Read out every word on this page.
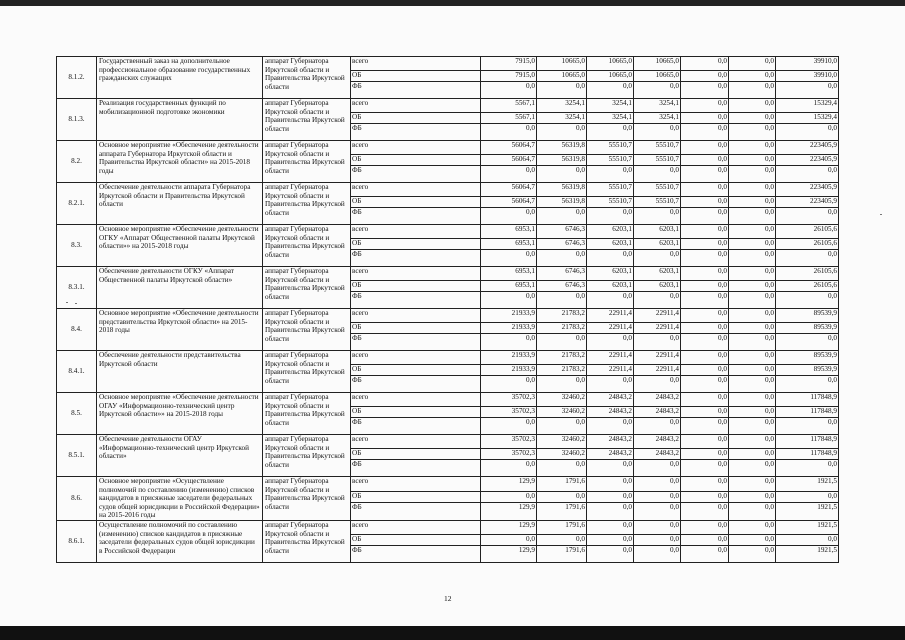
8.1.2.	Государственный заказ на дополнительное профессиональное образование государственных гражданских служащих	аппарат Губернатора Иркутской области и Правительства Иркутской области	всего	7915,0	10665,0	10665,0	10665,0	0,0	0,0	39910,0
			ОБ	7915,0	10665,0	10665,0	10665,0	0,0	0,0	39910,0
			ФБ	0,0	0,0	0,0	0,0	0,0	0,0	0,0
8.1.3.	Реализация государственных функций по мобилизационной подготовке экономики	аппарат Губернатора Иркутской области и Правительства Иркутской области	всего	5567,1	3254,1	3254,1	3254,1	0,0	0,0	15329,4
			ОБ	5567,1	3254,1	3254,1	3254,1	0,0	0,0	15329,4
			ФБ	0,0	0,0	0,0	0,0	0,0	0,0	0,0
8.2.	Основное мероприятие «Обеспечение деятельности аппарата Губернатора Иркутской области и Правительства Иркутской области» на 2015-2018 годы	аппарат Губернатора Иркутской области и Правительства Иркутской области	всего	56064,7	56319,8	55510,7	55510,7	0,0	0,0	223405,9
			ОБ	56064,7	56319,8	55510,7	55510,7	0,0	0,0	223405,9
			ФБ	0,0	0,0	0,0	0,0	0,0	0,0	0,0
8.2.1.	Обеспечение деятельности аппарата Губернатора Иркутской области и Правительства Иркутской области	аппарат Губернатора Иркутской области и Правительства Иркутской области	всего	56064,7	56319,8	55510,7	55510,7	0,0	0,0	223405,9
			ОБ	56064,7	56319,8	55510,7	55510,7	0,0	0,0	223405,9
			ФБ	0,0	0,0	0,0	0,0	0,0	0,0	0,0
8.3.	Основное мероприятие «Обеспечение деятельности ОГКУ «Аппарат Общественной палаты Иркутской области»» на 2015-2018 годы	аппарат Губернатора Иркутской области и Правительства Иркутской области	всего	6953,1	6746,3	6203,1	6203,1	0,0	0,0	26105,6
			ОБ	6953,1	6746,3	6203,1	6203,1	0,0	0,0	26105,6
			ФБ	0,0	0,0	0,0	0,0	0,0	0,0	0,0
8.3.1.	Обеспечение деятельности ОГКУ «Аппарат Общественной палаты Иркутской области»	аппарат Губернатора Иркутской области и Правительства Иркутской области	всего	6953,1	6746,3	6203,1	6203,1	0,0	0,0	26105,6
			ОБ	6953,1	6746,3	6203,1	6203,1	0,0	0,0	26105,6
			ФБ	0,0	0,0	0,0	0,0	0,0	0,0	0,0
8.4.	Основное мероприятие «Обеспечение деятельности представительства Иркутской области» на 2015-2018 годы	аппарат Губернатора Иркутской области и Правительства Иркутской области	всего	21933,9	21783,2	22911,4	22911,4	0,0	0,0	89539,9
			ОБ	21933,9	21783,2	22911,4	22911,4	0,0	0,0	89539,9
			ФБ	0,0	0,0	0,0	0,0	0,0	0,0	0,0
8.4.1.	Обеспечение деятельности представительства Иркутской области	аппарат Губернатора Иркутской области и Правительства Иркутской области	всего	21933,9	21783,2	22911,4	22911,4	0,0	0,0	89539,9
			ОБ	21933,9	21783,2	22911,4	22911,4	0,0	0,0	89539,9
			ФБ	0,0	0,0	0,0	0,0	0,0	0,0	0,0
8.5.	Основное мероприятие «Обеспечение деятельности ОГАУ «Информационно-технический центр Иркутской области»» на 2015-2018 годы	аппарат Губернатора Иркутской области и Правительства Иркутской области	всего	35702,3	32460,2	24843,2	24843,2	0,0	0,0	117848,9
			ОБ	35702,3	32460,2	24843,2	24843,2	0,0	0,0	117848,9
			ФБ	0,0	0,0	0,0	0,0	0,0	0,0	0,0
8.5.1.	Обеспечение деятельности ОГАУ «Информационно-технический центр Иркутской области»	аппарат Губернатора Иркутской области и Правительства Иркутской области	всего	35702,3	32460,2	24843,2	24843,2	0,0	0,0	117848,9
			ОБ	35702,3	32460,2	24843,2	24843,2	0,0	0,0	117848,9
			ФБ	0,0	0,0	0,0	0,0	0,0	0,0	0,0
8.6.	Основное мероприятие «Осуществление полномочий по составлению (изменению) списков кандидатов в присяжные заседатели федеральных судов общей юрисдикции в Российской Федерации» на 2015-2016 годы	аппарат Губернатора Иркутской области и Правительства Иркутской области	всего	129,9	1791,6	0,0	0,0	0,0	0,0	1921,5
			ОБ	0,0	0,0	0,0	0,0	0,0	0,0	0,0
			ФБ	129,9	1791,6	0,0	0,0	0,0	0,0	1921,5
8.6.1.	Осуществление полномочий по составлению (изменению) списков кандидатов в присяжные заседатели федеральных судов общей юрисдикции в Российской Федерации	аппарат Губернатора Иркутской области и Правительства Иркутской области	всего	129,9	1791,6	0,0	0,0	0,0	0,0	1921,5
			ОБ	0,0	0,0	0,0	0,0	0,0	0,0	0,0
			ФБ	129,9	1791,6	0,0	0,0	0,0	0,0	1921,5
12
